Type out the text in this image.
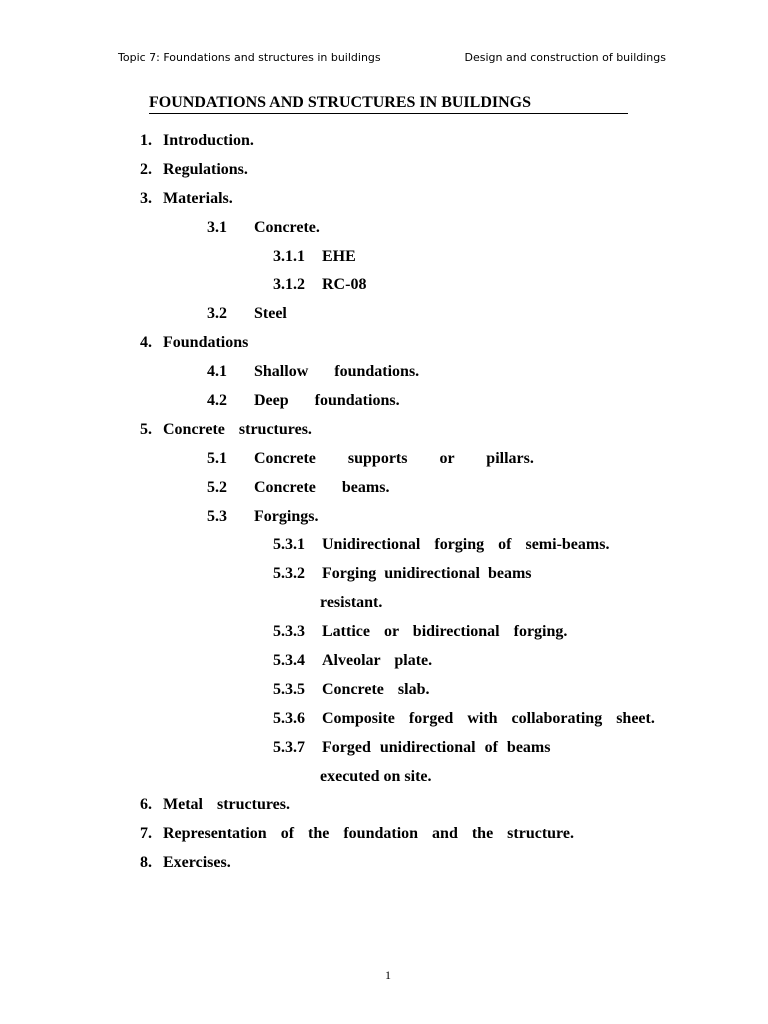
Topic 7: Foundations and structures in buildings	Design and construction of buildings
FOUNDATIONS AND STRUCTURES IN BUILDINGS
1. Introduction.
2. Regulations.
3. Materials.
3.1 Concrete.
3.1.1 EHE
3.1.2 RC-08
3.2 Steel
4. Foundations
4.1 Shallow foundations.
4.2 Deep foundations.
5. Concrete structures.
5.1 Concrete supports or pillars.
5.2 Concrete beams.
5.3 Forgings.
5.3.1 Unidirectional forging of semi-beams.
5.3.2 Forging unidirectional beams
resistant.
5.3.3 Lattice or bidirectional forging.
5.3.4 Alveolar plate.
5.3.5 Concrete slab.
5.3.6 Composite forged with collaborating sheet.
5.3.7 Forged unidirectional of beams
executed on site.
6. Metal structures.
7. Representation of the foundation and the structure.
8. Exercises.
1
